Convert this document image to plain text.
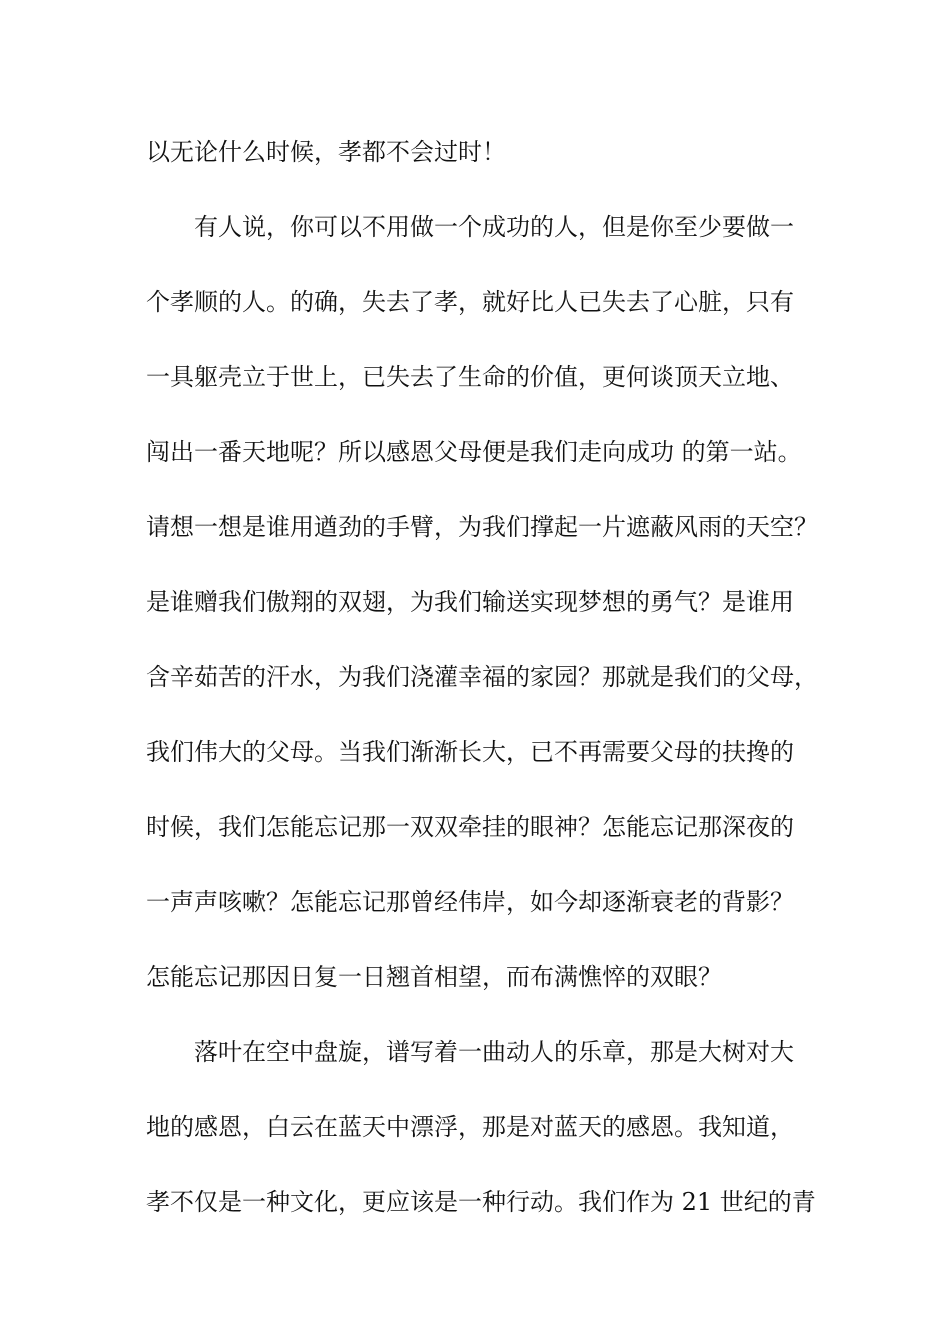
以无论什么时候，孝都不会过时！
有人说，你可以不用做一个成功的人，但是你至少要做一
个孝顺的人。的确，失去了孝，就好比人已失去了心脏，只有
一具躯壳立于世上，已失去了生命的价值，更何谈顶天立地、
闯出一番天地呢？所以感恩父母便是我们走向成功 的第一站。
请想一想是谁用遒劲的手臂，为我们撑起一片遮蔽风雨的天空？
是谁赠我们傲翔的双翅，为我们输送实现梦想的勇气？是谁用
含辛茹苦的汗水，为我们浇灌幸福的家园？那就是我们的父母，
我们伟大的父母。当我们渐渐长大，已不再需要父母的扶搀的
时候，我们怎能忘记那一双双牵挂的眼神？怎能忘记那深夜的
一声声咳嗽？怎能忘记那曾经伟岸，如今却逐渐衰老的背影？
怎能忘记那因日复一日翘首相望，而布满憔悴的双眼？
落叶在空中盘旋，谱写着一曲动人的乐章，那是大树对大
地的感恩，白云在蓝天中漂浮，那是对蓝天的感恩。我知道，
孝不仅是一种文化，更应该是一种行动。我们作为 21 世纪的青
